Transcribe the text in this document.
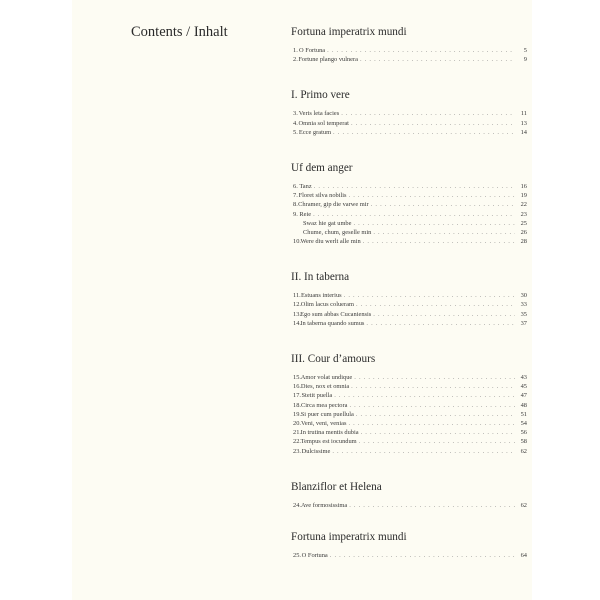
Contents / Inhalt	Fortuna imperatrix mundi
1. O Fortuna . . .	5
2. Fortune plango vulnera . . .	9
I. Primo vere
3. Veris leta facies . . .	11
4. Omnia sol temperat . . .	13
5. Ecce gratum . . .	14
Uf dem anger
6. Tanz . . .	16
7. Floret silva nobilis . . .	19
8. Chramer, gip die varwe mir . . .	22
9. Reie . . .	23
Swaz hie gat umbe . . .	25
Chume, chum, geselle min . . .	26
10. Were diu werlt alle min . . .	28
II. In taberna
11. Estuans interius . . .	30
12. Olim lacus colueram . . .	33
13. Ego sum abbas Cucaniensis . . .	35
14. In taberna quando sumus . . .	37
III. Cour d’amours
15. Amor volat undique . . .	43
16. Dies, nox et omnia . . .	45
17. Stetit puella . . .	47
18. Circa mea pectora . . .	48
19. Si puer cum puellula . . .	51
20. Veni, veni, venias . . .	54
21. In trutina mentis dubia . . .	56
22. Tempus est iocundum . . .	58
23. Dulcissime . . .	62
Blanziflor et Helena
24. Ave formosissima . . .	62
Fortuna imperatrix mundi
25. O Fortuna . . .	64
